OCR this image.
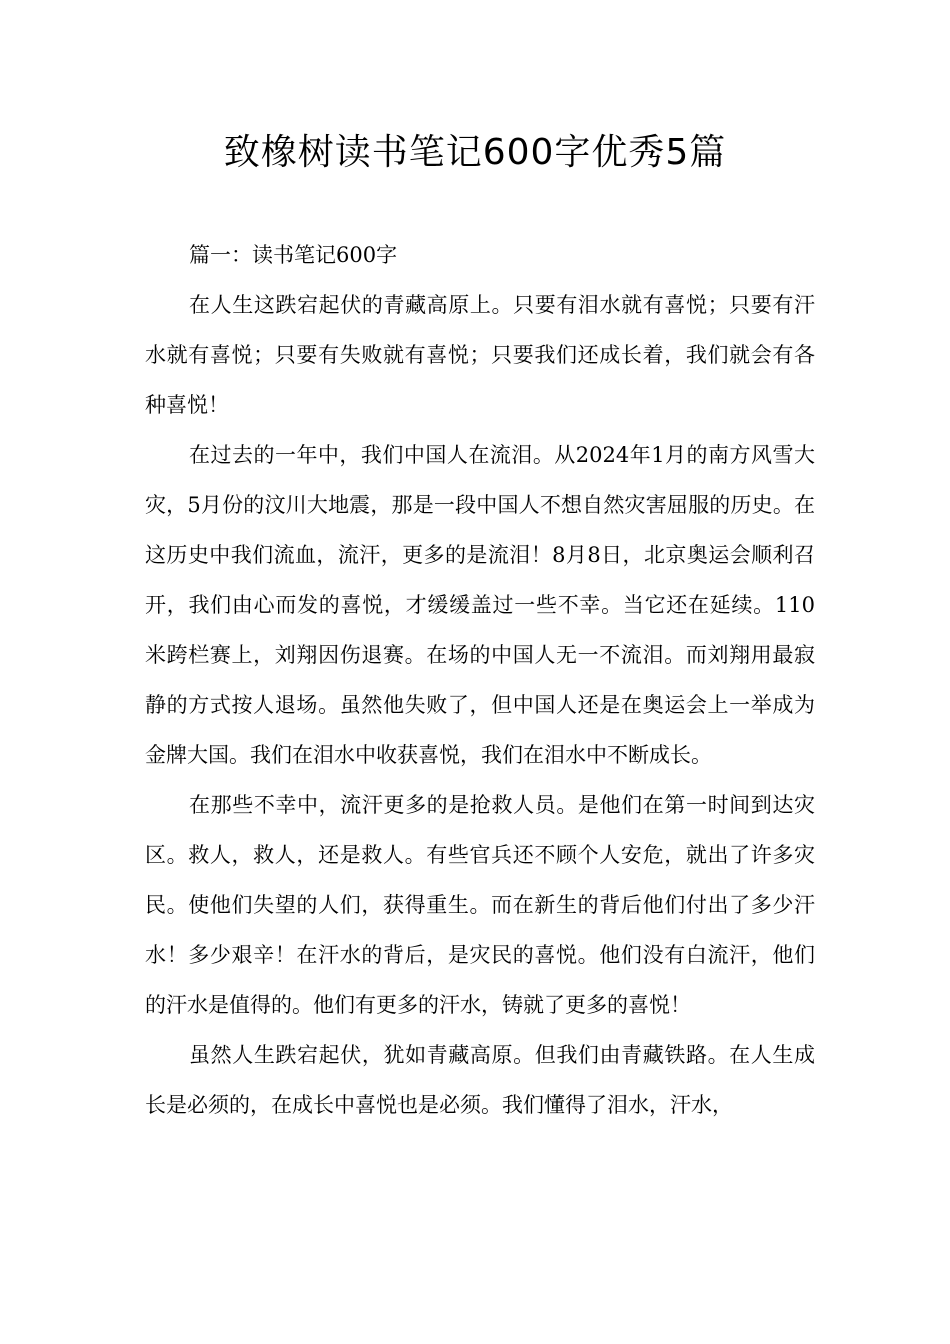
致橡树读书笔记600字优秀5篇

篇一：读书笔记600字

在人生这跌宕起伏的青藏高原上。只要有泪水就有喜悦；只要有汗水就有喜悦；只要有失败就有喜悦；只要我们还成长着，我们就会有各种喜悦！

在过去的一年中，我们中国人在流泪。从2024年1月的南方风雪大灾，5月份的汶川大地震，那是一段中国人不想自然灾害屈服的历史。在这历史中我们流血，流汗，更多的是流泪！8月8日，北京奥运会顺利召开，我们由心而发的喜悦，才缓缓盖过一些不幸。当它还在延续。110米跨栏赛上，刘翔因伤退赛。在场的中国人无一不流泪。而刘翔用最寂静的方式按人退场。虽然他失败了，但中国人还是在奥运会上一举成为金牌大国。我们在泪水中收获喜悦，我们在泪水中不断成长。

在那些不幸中，流汗更多的是抢救人员。是他们在第一时间到达灾区。救人，救人，还是救人。有些官兵还不顾个人安危，就出了许多灾民。使他们失望的人们，获得重生。而在新生的背后他们付出了多少汗水！多少艰辛！在汗水的背后，是灾民的喜悦。他们没有白流汗，他们的汗水是值得的。他们有更多的汗水，铸就了更多的喜悦！

虽然人生跌宕起伏，犹如青藏高原。但我们由青藏铁路。在人生成长是必须的，在成长中喜悦也是必须。我们懂得了泪水，汗水，
